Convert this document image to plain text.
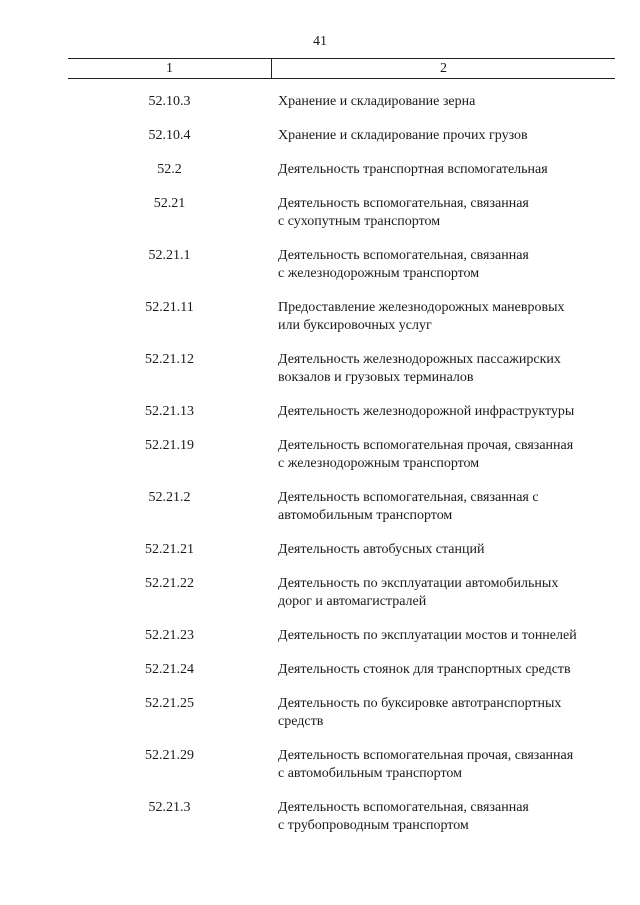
41
1	2
52.10.3	Хранение и складирование зерна
52.10.4	Хранение и складирование прочих грузов
52.2	Деятельность транспортная вспомогательная
52.21	Деятельность вспомогательная, связанная
с сухопутным транспортом
52.21.1	Деятельность вспомогательная, связанная
с железнодорожным транспортом
52.21.11	Предоставление железнодорожных маневровых
или буксировочных услуг
52.21.12	Деятельность железнодорожных пассажирских
вокзалов и грузовых терминалов
52.21.13	Деятельность железнодорожной инфраструктуры
52.21.19	Деятельность вспомогательная прочая, связанная
с железнодорожным транспортом
52.21.2	Деятельность вспомогательная, связанная с
автомобильным транспортом
52.21.21	Деятельность автобусных станций
52.21.22	Деятельность по эксплуатации автомобильных
дорог и автомагистралей
52.21.23	Деятельность по эксплуатации мостов и тоннелей
52.21.24	Деятельность стоянок для транспортных средств
52.21.25	Деятельность по буксировке автотранспортных
средств
52.21.29	Деятельность вспомогательная прочая, связанная
с автомобильным транспортом
52.21.3	Деятельность вспомогательная, связанная
с трубопроводным транспортом
